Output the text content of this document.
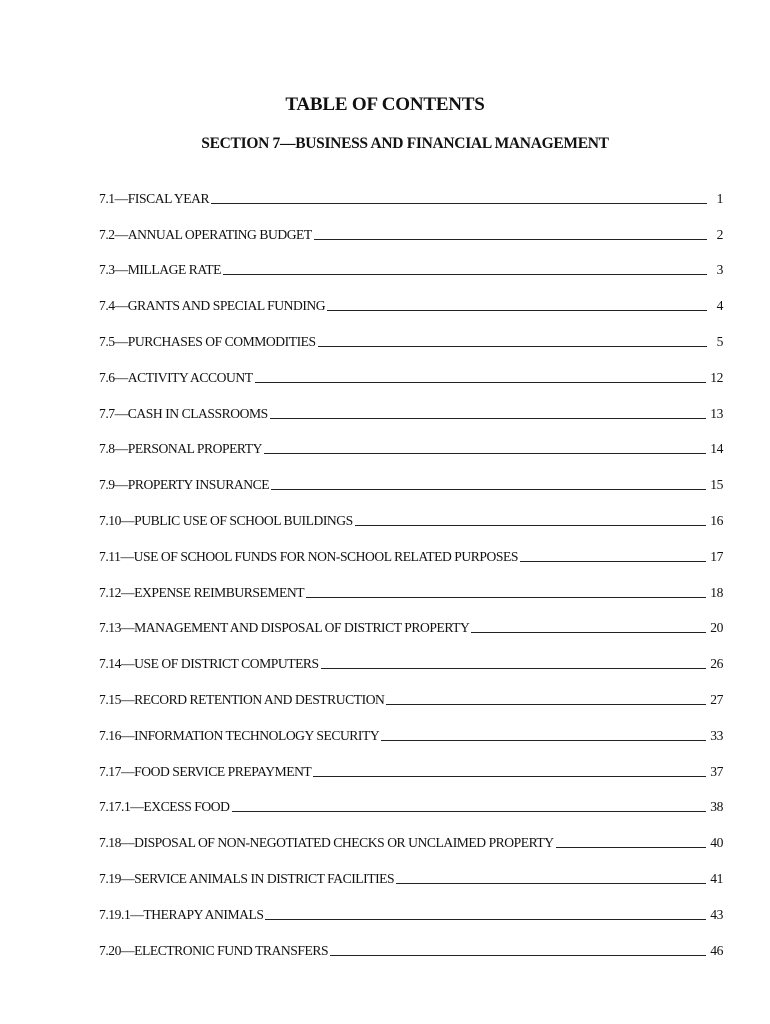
TABLE OF CONTENTS
SECTION 7—BUSINESS AND FINANCIAL MANAGEMENT
7.1—FISCAL YEAR	1
7.2—ANNUAL OPERATING BUDGET	2
7.3—MILLAGE RATE	3
7.4—GRANTS AND SPECIAL FUNDING	4
7.5—PURCHASES OF COMMODITIES	5
7.6—ACTIVITY ACCOUNT	12
7.7—CASH IN CLASSROOMS	13
7.8—PERSONAL PROPERTY	14
7.9—PROPERTY INSURANCE	15
7.10—PUBLIC USE OF SCHOOL BUILDINGS	16
7.11—USE OF SCHOOL FUNDS FOR NON-SCHOOL RELATED PURPOSES	17
7.12—EXPENSE REIMBURSEMENT	18
7.13—MANAGEMENT AND DISPOSAL OF DISTRICT PROPERTY	20
7.14—USE OF DISTRICT COMPUTERS	26
7.15—RECORD RETENTION AND DESTRUCTION	27
7.16—INFORMATION TECHNOLOGY SECURITY	33
7.17—FOOD SERVICE PREPAYMENT	37
7.17.1—EXCESS FOOD	38
7.18—DISPOSAL OF NON-NEGOTIATED CHECKS OR UNCLAIMED PROPERTY	40
7.19—SERVICE ANIMALS IN DISTRICT FACILITIES	41
7.19.1—THERAPY ANIMALS	43
7.20—ELECTRONIC FUND TRANSFERS	46
